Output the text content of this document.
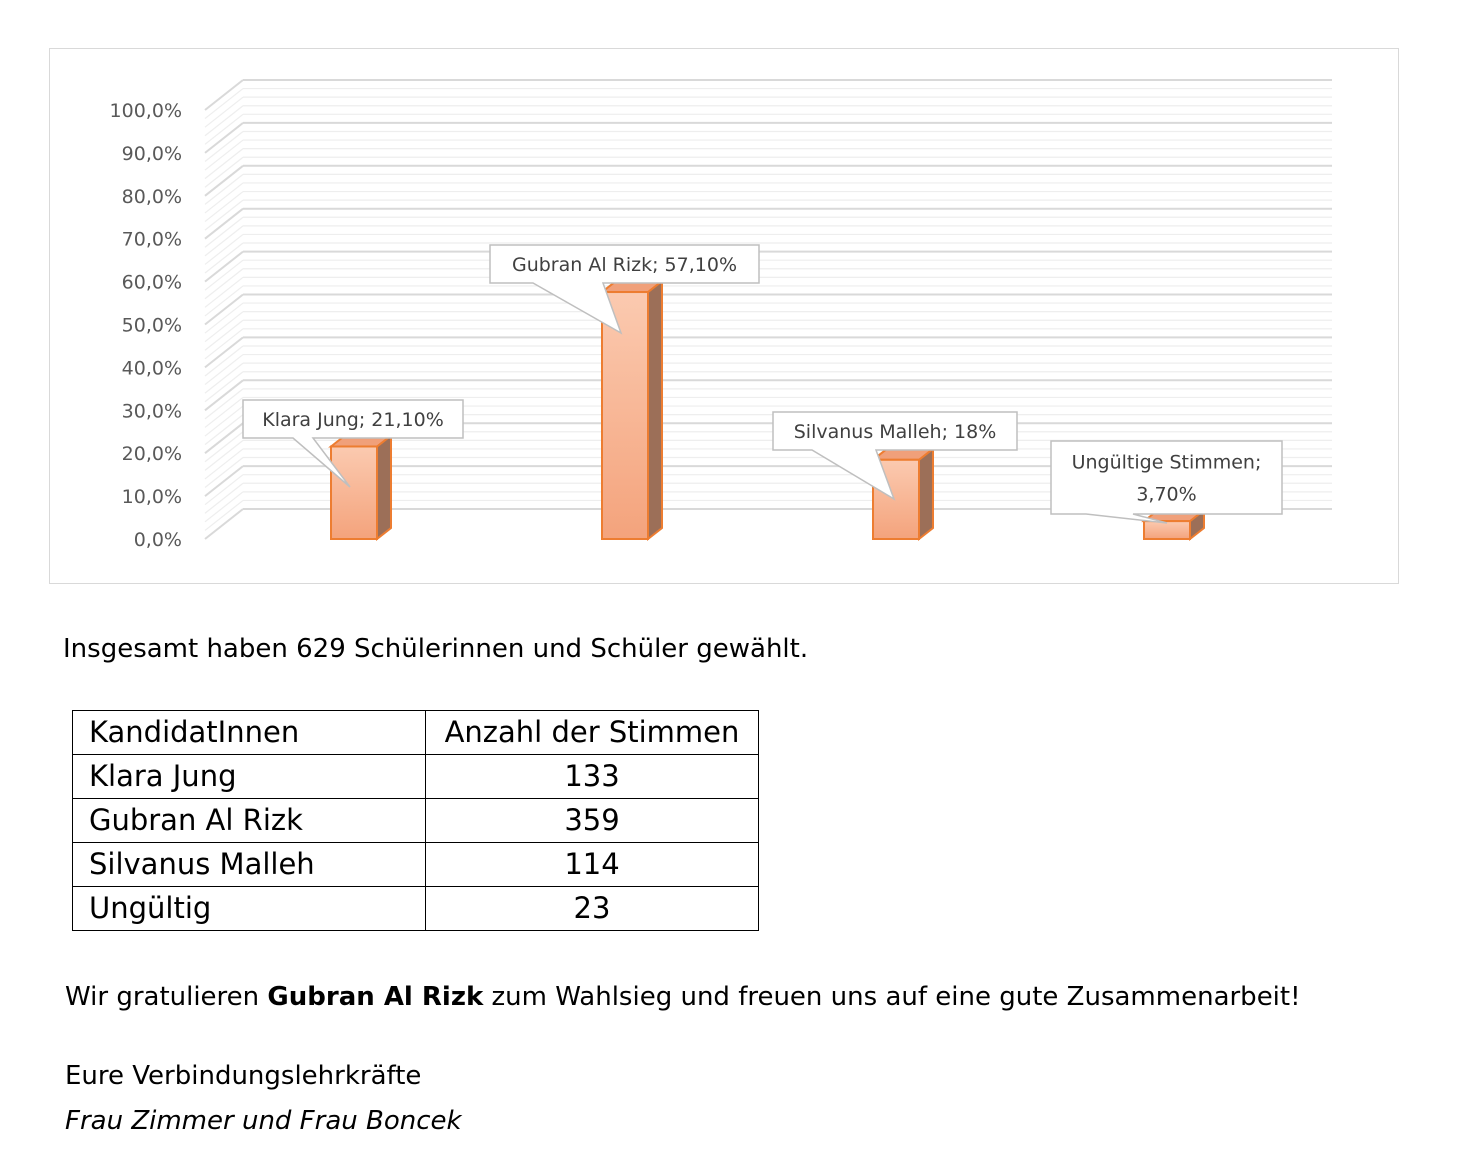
0,0%
10,0%
20,0%
30,0%
40,0%
50,0%
60,0%
70,0%
80,0%
90,0%
100,0%
Klara Jung; 21,10%
Gubran Al Rizk; 57,10%
Silvanus Malleh; 18%
Ungültige Stimmen;
3,70%

Insgesamt haben 629 Schülerinnen und Schüler gewählt.

KandidatInnen	Anzahl der Stimmen
Klara Jung	133
Gubran Al Rizk	359
Silvanus Malleh	114
Ungültig	23

Wir gratulieren Gubran Al Rizk zum Wahlsieg und freuen uns auf eine gute Zusammenarbeit!

Eure Verbindungslehrkräfte

Frau Zimmer und Frau Boncek
